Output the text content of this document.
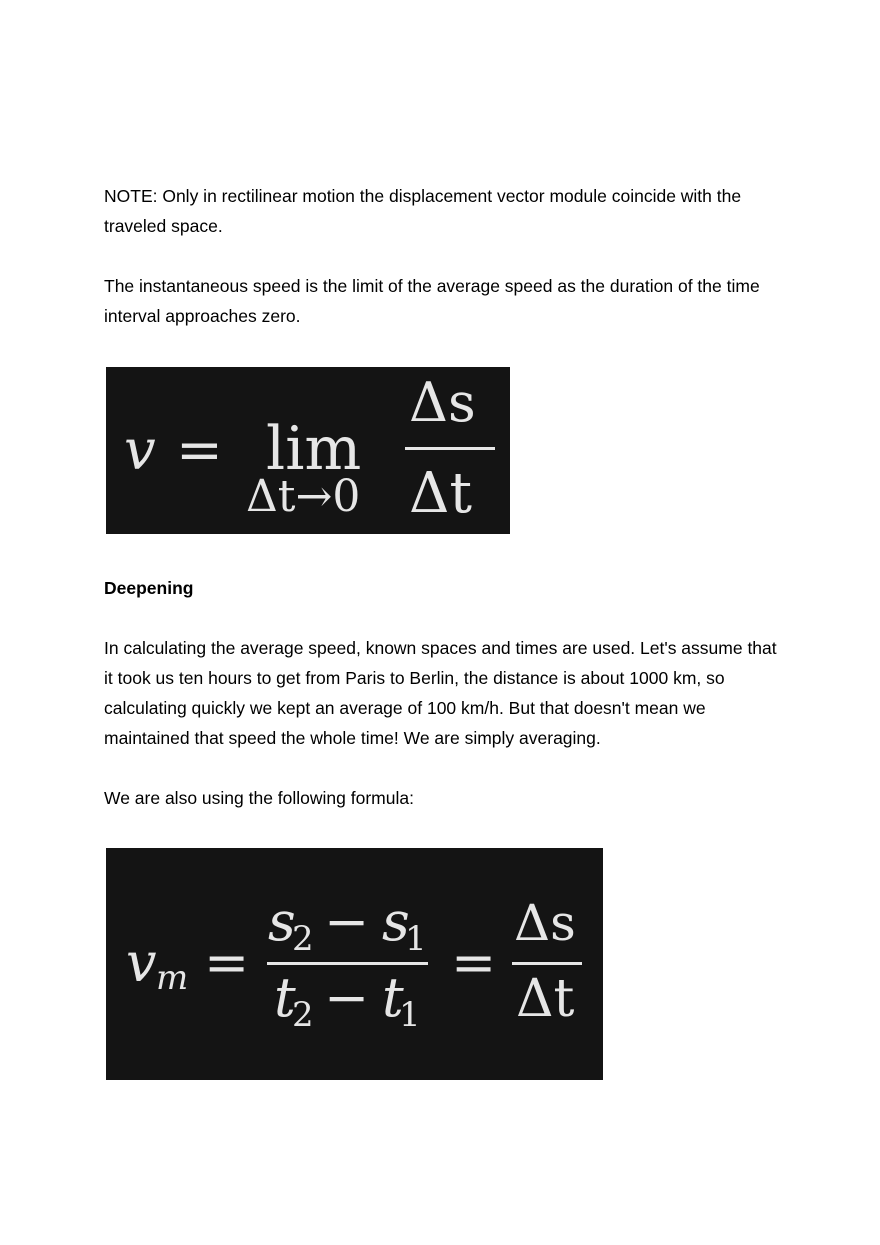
NOTE: Only in rectilinear motion the displacement vector module coincide with the
traveled space.

The instantaneous speed is the limit of the average speed as the duration of the time
interval approaches zero.

v = lim
Δt→0
Δs
Δt

Deepening

In calculating the average speed, known spaces and times are used. Let's assume that
it took us ten hours to get from Paris to Berlin, the distance is about 1000 km, so
calculating quickly we kept an average of 100 km/h. But that doesn't mean we
maintained that speed the whole time! We are simply averaging.

We are also using the following formula:

v m =
s
2 − s
1
t
2 − t
1
=
Δs
Δt
